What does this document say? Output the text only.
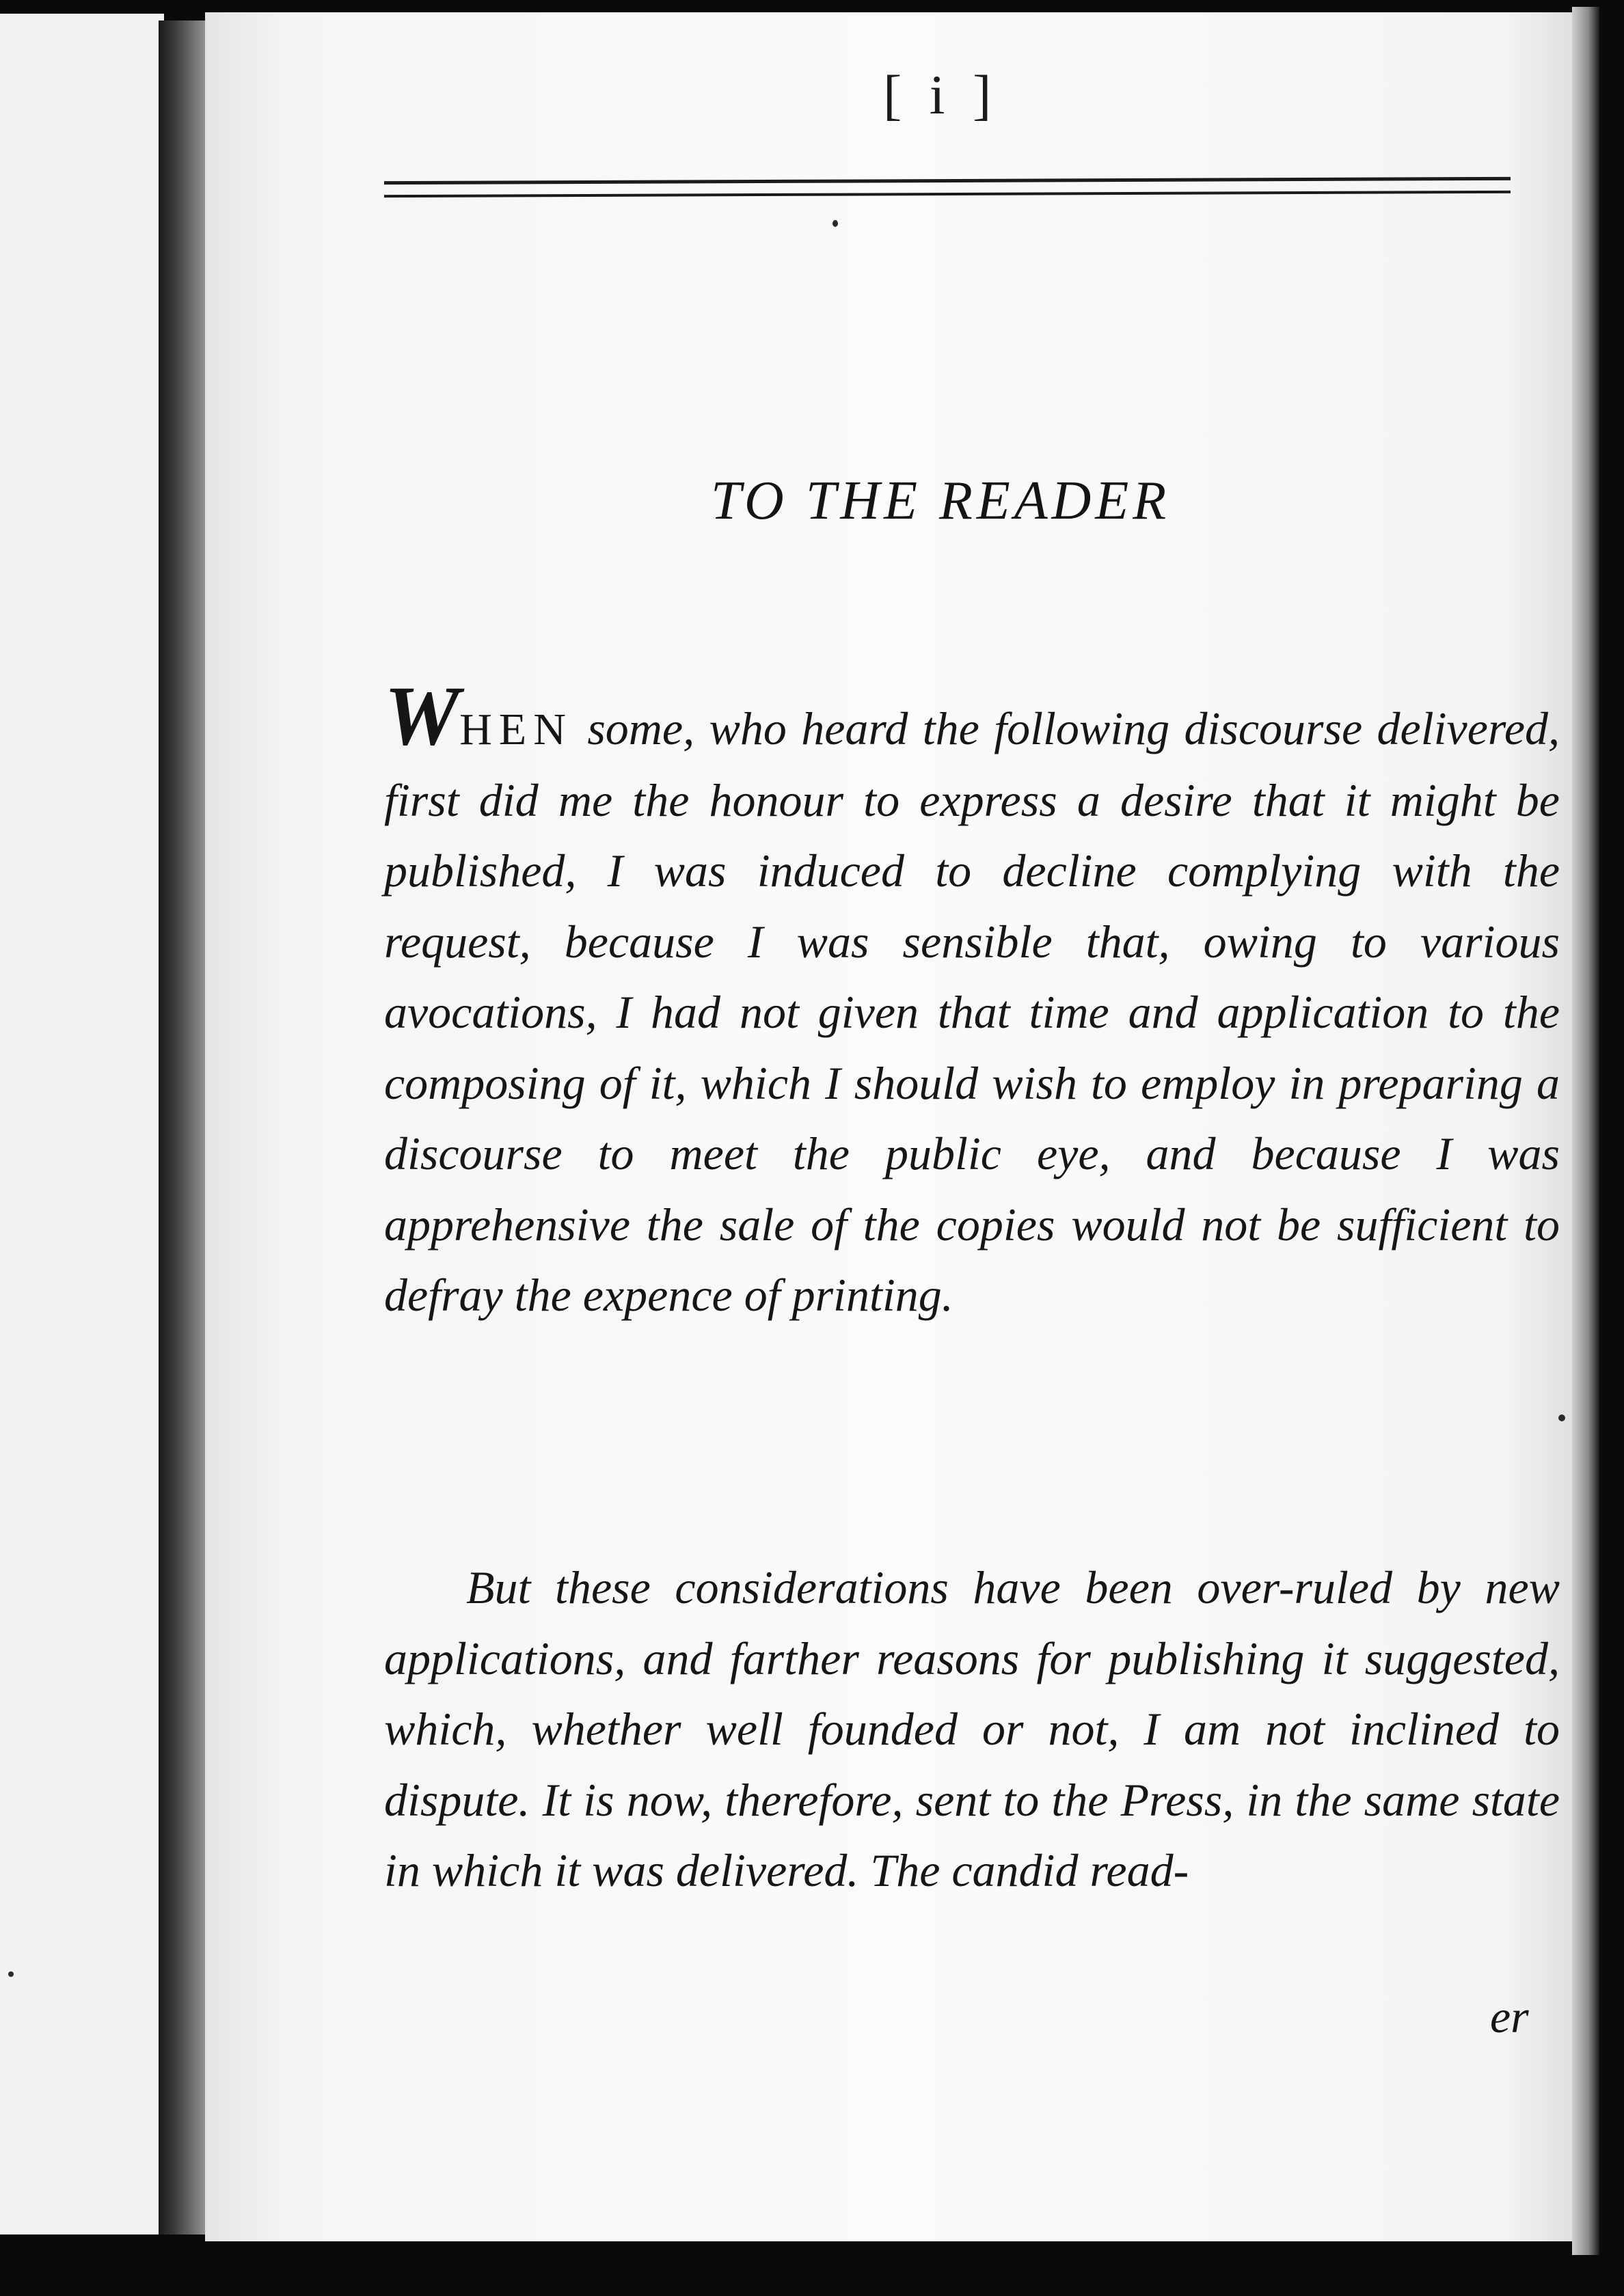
[ i ]
TO THE READER
WHEN some, who heard the following discourse delivered, first did me the honour to express a desire that it might be published, I was induced to decline complying with the request, because I was sensible that, owing to various avocations, I had not given that time and application to the composing of it, which I should wish to employ in preparing a discourse to meet the public eye, and because I was apprehensive the sale of the copies would not be sufficient to defray the expence of printing.
But these considerations have been over-ruled by new applications, and farther reasons for publishing it suggested, which, whether well founded or not, I am not inclined to dispute. It is now, therefore, sent to the Press, in the same state in which it was delivered. The candid read-
er
